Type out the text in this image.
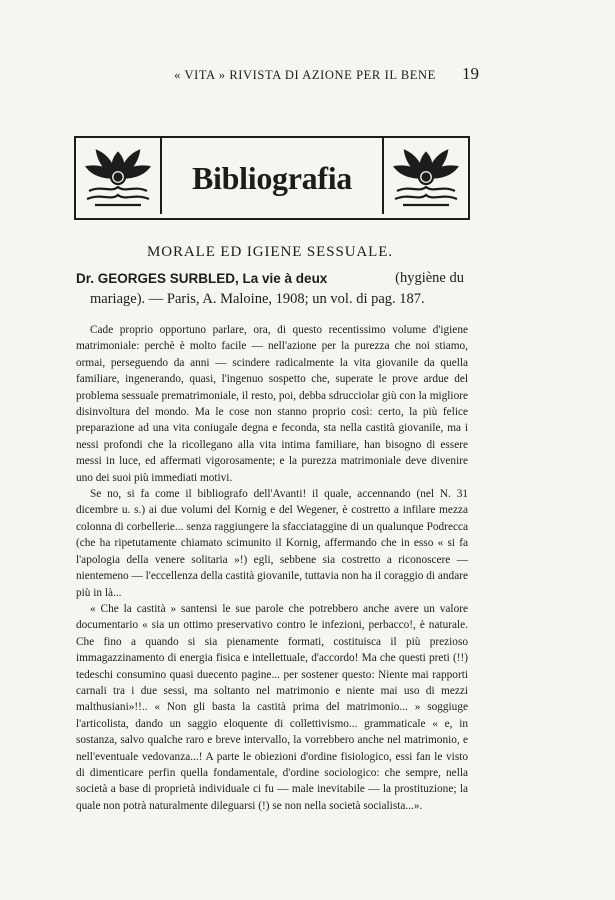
« VITA » RIVISTA DI AZIONE PER IL BENE	19
Bibliografia
MORALE ED IGIENE SESSUALE.
Dr. GEORGES SURBLED, La vie à deux	(hygiène du
mariage). — Paris, A. Maloine, 1908; un vol. di pag. 187.

Cade proprio opportuno parlare, ora, di questo recentissimo volume d'igiene matrimoniale: perchè è molto facile — nell'azione per la purezza che noi stiamo, ormai, perseguendo da anni — scindere radicalmente la vita giovanile da quella familiare, ingenerando, quasi, l'ingenuo sospetto che, superate le prove ardue del problema sessuale prematrimoniale, il resto, poi, debba sdrucciolar giù con la migliore disinvoltura del mondo. Ma le cose non stanno proprio così: certo, la più felice preparazione ad una vita coniugale degna e feconda, sta nella castità giovanile, ma i nessi profondi che la ricollegano alla vita intima familiare, han bisogno di essere messi in luce, ed affermati vigorosamente; e la purezza matrimoniale deve divenire uno dei suoi più immediati motivi.

Se no, si fa come il bibliografo dell'Avanti! il quale, accennando (nel N. 31 dicembre u. s.) ai due volumi del Kornig e del Wegener, è costretto a infilare mezza colonna di corbellerie... senza raggiungere la sfacciataggine di un qualunque Podrecca (che ha ripetutamente chiamato scimunito il Kornig, affermando che in esso « si fa l'apologia della venere solitaria »!) egli, sebbene sia costretto a riconoscere — nientemeno — l'eccellenza della castità giovanile, tuttavia non ha il coraggio di andare più in là...

« Che la castità » santensi le sue parole che potrebbero anche avere un valore documentario « sia un ottimo preservativo contro le infezioni, perbacco!, è naturale. Che fino a quando si sia pienamente formati, costituisca il più prezioso immagazzinamento di energia fisica e intellettuale, d'accordo! Ma che questi preti (!!) tedeschi consumino quasi duecento pagine... per sostener questo: Niente mai rapporti carnali tra i due sessi, ma soltanto nel matrimonio e niente mai uso di mezzi malthusiani»!!.. « Non gli basta la castità prima del matrimonio... » soggiuge l'articolista, dando un saggio eloquente di collettivismo... grammaticale « e, in sostanza, salvo qualche raro e breve intervallo, la vorrebbero anche nel matrimonio, e nell'eventuale vedovanza...! A parte le obiezioni d'ordine fisiologico, essi fan le visto di dimenticare perfin quella fondamentale, d'ordine sociologico: che sempre, nella società a base di proprietà individuale ci fu — male inevitabile — la prostituzione; la quale non potrà naturalmente dileguarsi (!) se non nella società socialista...».
